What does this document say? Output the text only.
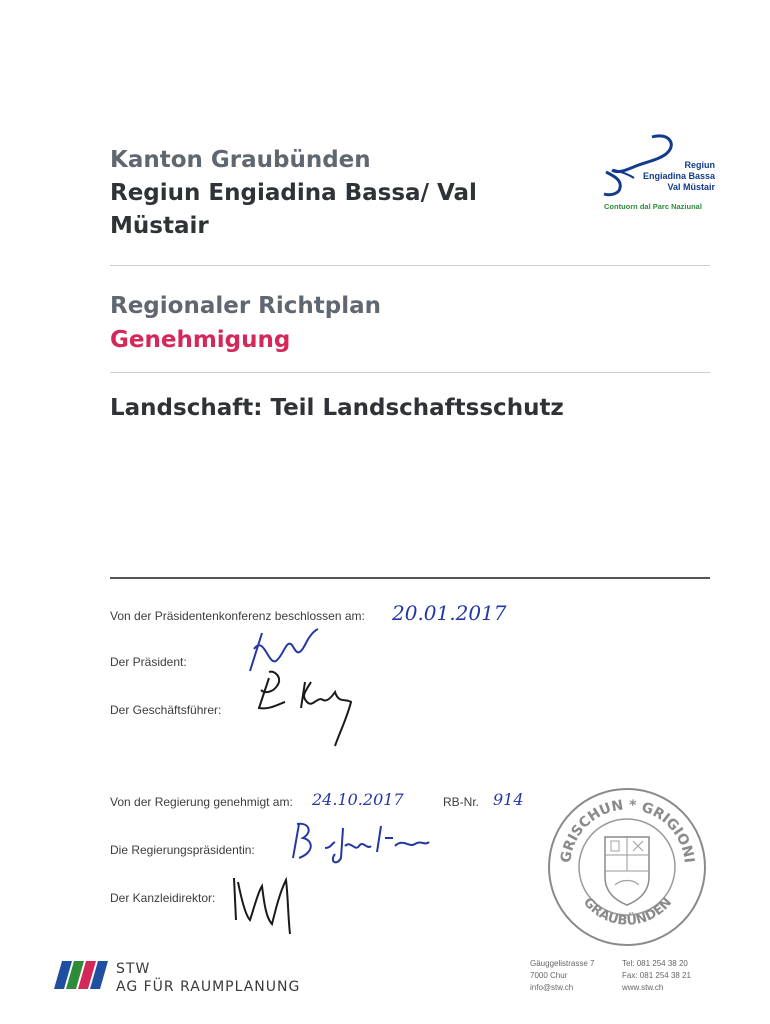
Kanton Graubünden
Regiun Engiadina Bassa/ Val Müstair
Regiun
Engiadina Bassa
Val Müstair
Contuorn dal Parc Naziunal
Regionaler Richtplan
Genehmigung
Landschaft: Teil Landschaftsschutz
Von der Präsidentenkonferenz beschlossen am: 20.01.2017
Der Präsident:
Der Geschäftsführer:
Von der Regierung genehmigt am: 24.10.2017	RB-Nr. 914
Die Regierungspräsidentin:
Der Kanzleidirektor:
GRISCHUN * GRIGIONI
GRAUBÜNDEN
STW
AG FÜR RAUMPLANUNG
Gäuggelistrasse 7
7000 Chur
info@stw.ch
Tel: 081 254 38 20
Fax: 081 254 38 21
www.stw.ch
